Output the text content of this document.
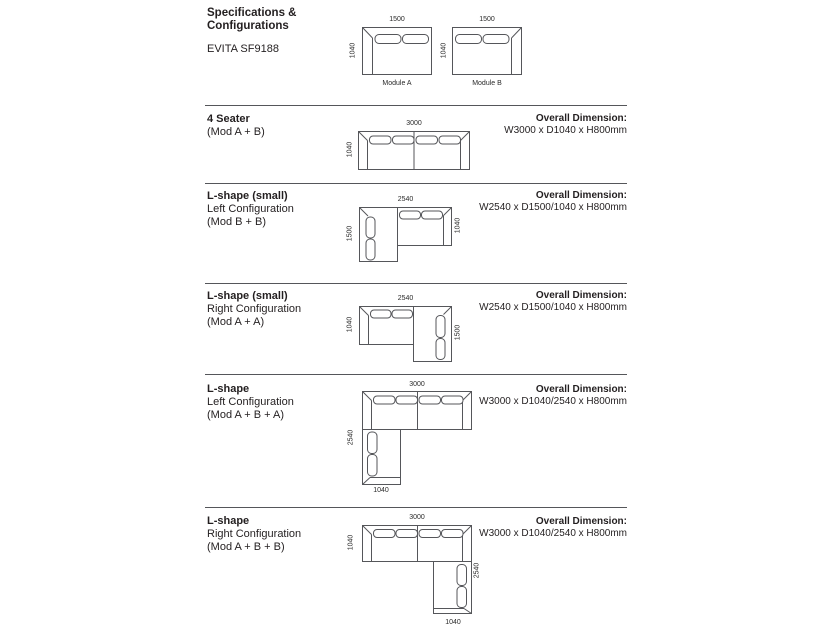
Specifications &
Configurations
EVITA SF9188
1500
1040
Module A
1500
1040
Module B
4 Seater
(Mod A + B)
Overall Dimension:
W3000 x D1040 x H800mm
3000
1040
L-shape (small)
Left Configuration
(Mod B + B)
Overall Dimension:
W2540 x D1500/1040 x H800mm
2540
1500
1040
L-shape (small)
Right Configuration
(Mod A + A)
Overall Dimension:
W2540 x D1500/1040 x H800mm
2540
1040
1500
L-shape
Left Configuration
(Mod A + B + A)
Overall Dimension:
W3000 x D1040/2540 x H800mm
3000
2540
1040
L-shape
Right Configuration
(Mod A + B + B)
Overall Dimension:
W3000 x D1040/2540 x H800mm
3000
1040
2540
1040
